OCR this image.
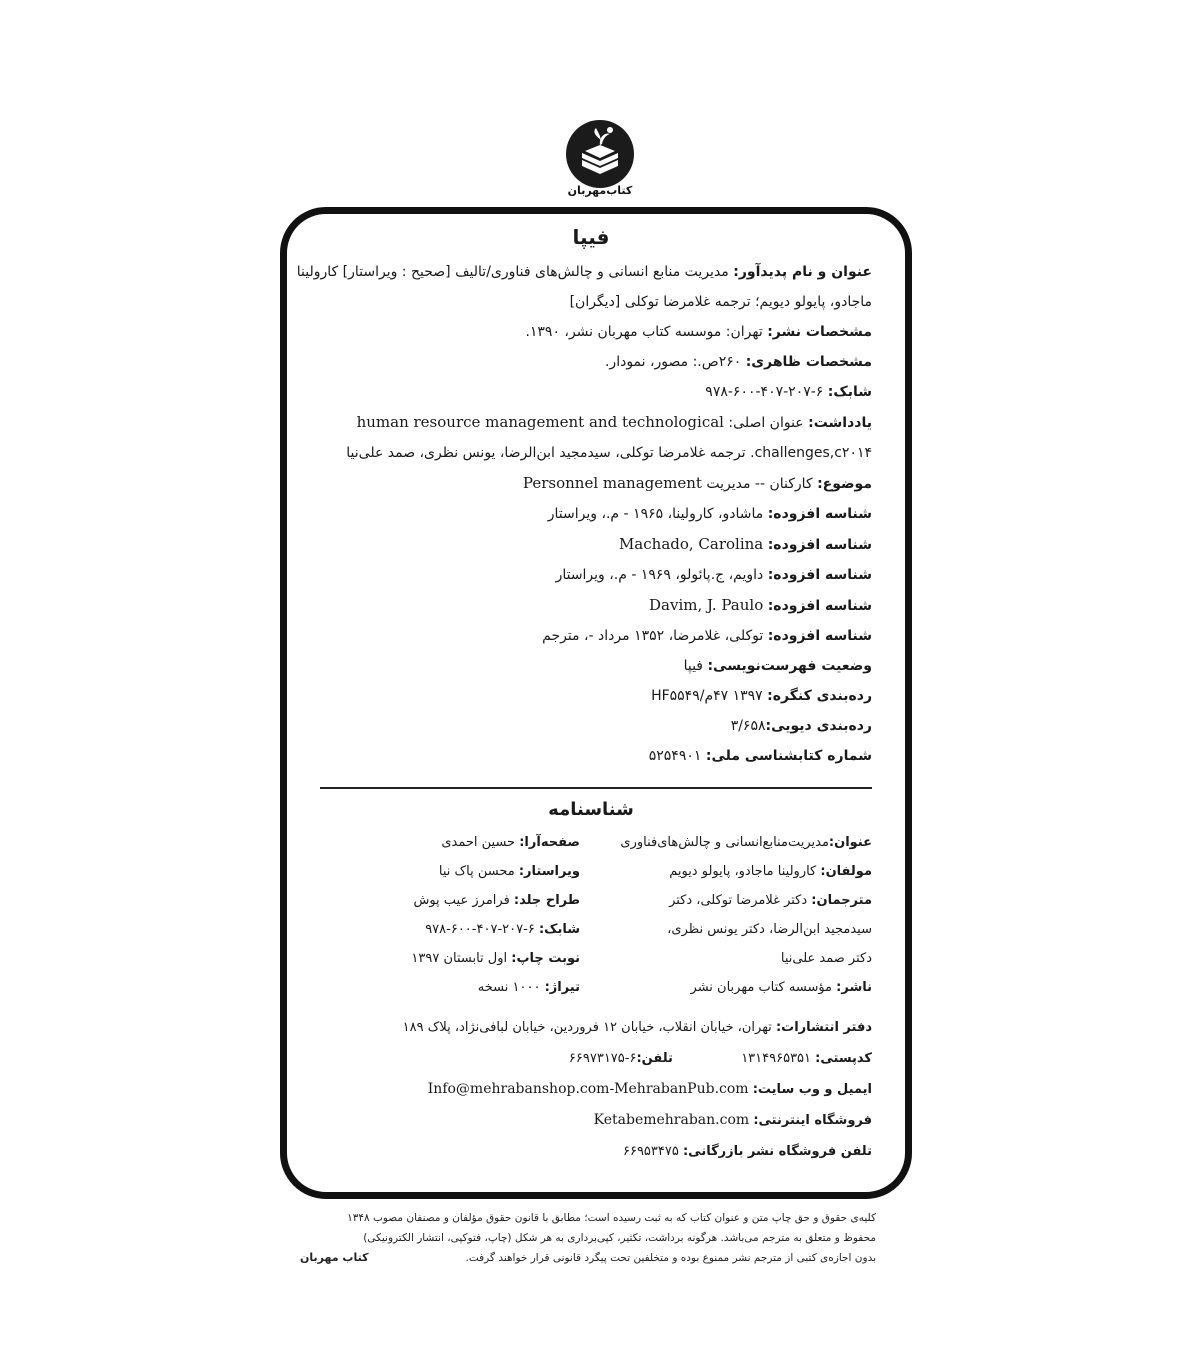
کتاب‌مهربان
فیپا
عنوان و نام پدیدآور: مدیریت منابع انسانی و چالش‌های فناوری/تالیف [صحیح : ویراستار] کارولینا
ماجادو، پایولو دیویم؛ ترجمه غلامرضا توکلی [دیگران]
مشخصات نشر: تهران: موسسه کتاب مهربان نشر، ۱۳۹۰.
مشخصات ظاهری: ۲۶۰ص.: مصور، نمودار.
شابک: ۶-۲۰۷-۴۰۷-۶۰۰-۹۷۸
یادداشت: عنوان اصلی: human resource management and technological
challenges,c۲۰۱۴. ترجمه غلامرضا توکلی، سیدمجید ابن‌الرضا، یونس نظری، صمد علی‌نیا
موضوع: کارکنان -- مدیریت Personnel management
شناسه افزوده: ماشادو، کارولینا، ۱۹۶۵ - م.، ویراستار
شناسه افزوده: Machado, Carolina
شناسه افزوده: داویم، ج.پائولو، ۱۹۶۹ - م.، ویراستار
شناسه افزوده: Davim, J. Paulo
شناسه افزوده: توکلی، غلامرضا، ۱۳۵۲ مرداد -، مترجم
وضعیت فهرست‌نویسی: فیپا
رده‌بندی کنگره: ۱۳۹۷ ۴۷م/HF۵۵۴۹
رده‌بندی دیویی:۳/۶۵۸
شماره کتابشناسی ملی: ۵۲۵۴۹۰۱
شناسنامه
عنوان:مدیریت‌منابع‌انسانی و چالش‌های‌فناوری
صفحه‌آرا: حسین احمدی
مولفان: کارولینا ماجادو، پایولو دیویم
ویراستار: محسن پاک نیا
مترجمان: دکتر غلامرضا توکلی، دکتر
طراح جلد: فرامرز عیب پوش
سیدمجید ابن‌الرضا، دکتر یونس نظری،
شابک: ۶-۲۰۷-۴۰۷-۶۰۰-۹۷۸
دکتر صمد علی‌نیا
نوبت چاپ: اول تابستان ۱۳۹۷
ناشر: مؤسسه کتاب مهربان نشر
تیراژ: ۱۰۰۰ نسخه
دفتر انتشارات: تهران، خیابان انقلاب، خیابان ۱۲ فروردین، خیابان لبافی‌نژاد، پلاک ۱۸۹
کدپستی: ۱۳۱۴۹۶۵۳۵۱  تلفن:۶-۶۶۹۷۳۱۷۵
ایمیل و وب سایت: Info@mehrabanshop.com-MehrabanPub.com
فروشگاه اینترنتی: Ketabemehraban.com
تلفن فروشگاه نشر بازرگانی: ۶۶۹۵۳۴۷۵
کلیه‌ی حقوق و حق چاپ متن و عنوان کتاب که به ثبت رسیده است؛ مطابق با قانون حقوق مؤلفان و مصنفان مصوب ۱۳۴۸
محفوظ و متعلق به مترجم می‌باشد. هرگونه برداشت، تکثیر، کپی‌برداری به هر شکل (چاپ، فتوکپی، انتشار الکترونیکی)
بدون اجازه‌ی کتبی از مترجم نشر ممنوع بوده و متخلفین تحت پیگرد قانونی قرار خواهند گرفت.
کتاب مهربان
